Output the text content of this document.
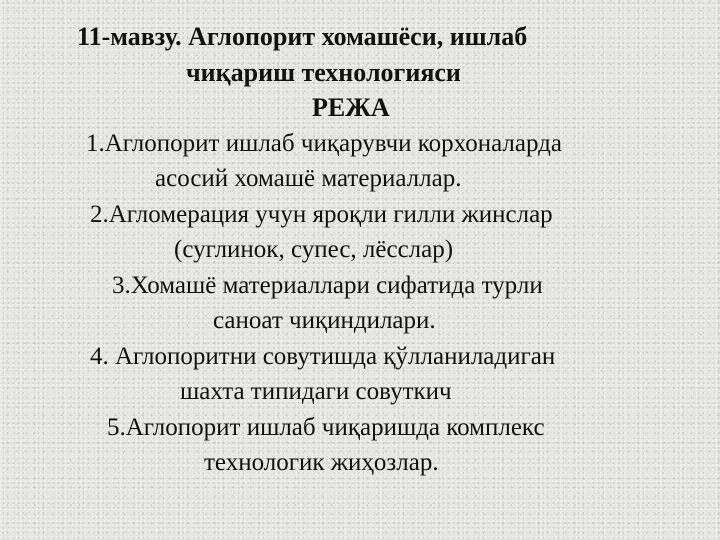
11-мавзу. Аглопорит хомашёси, ишлаб
чиқариш технологияси
РЕЖА
1.Аглопорит ишлаб чиқарувчи корхоналарда
асосий хомашё материаллар.
2.Агломерация учун яроқли гилли жинслар
(суглинок, супес, лёсслар)
3.Хомашё материаллари сифатида турли
саноат чиқиндилари.
4. Аглопоритни совутишда қўлланиладиган
шахта типидаги совуткич
5.Аглопорит ишлаб чиқаришда комплекс
технологик жиҳозлар.
